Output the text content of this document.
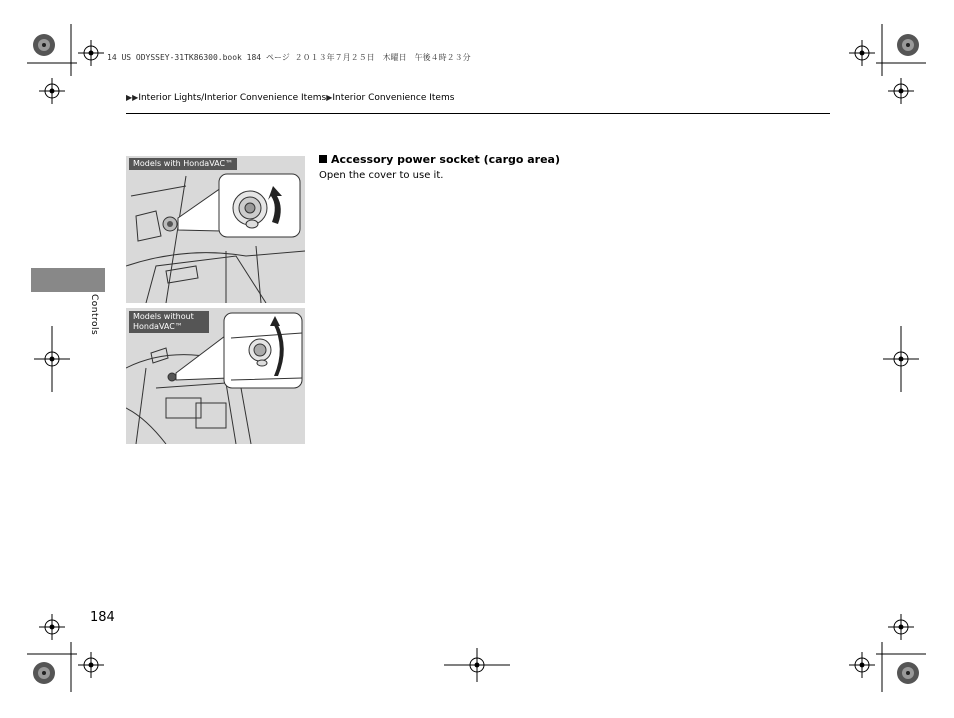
14 US ODYSSEY-31TK86300.book 184 ページ ２０１３年７月２５日　木曜日　午後４時２３分
▶▶Interior Lights/Interior Convenience Items▶Interior Convenience Items
Controls
Models with HondaVAC™
Models without HondaVAC™
Accessory power socket (cargo area)
Open the cover to use it.
184
